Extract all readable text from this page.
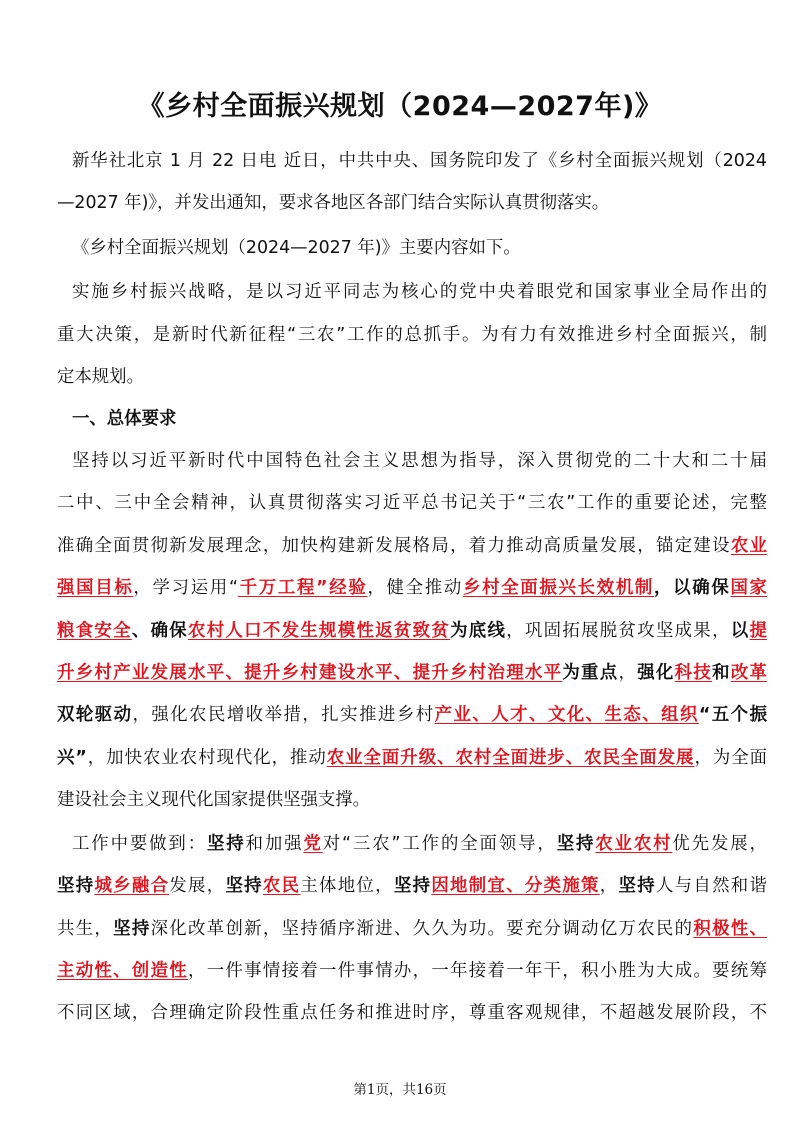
《乡村全面振兴规划（2024—2027年)》

新华社北京 1 月 22 日电 近日，中共中央、国务院印发了《乡村全面振兴规划（2024

—2027 年)》，并发出通知，要求各地区各部门结合实际认真贯彻落实。

《乡村全面振兴规划（2024—2027 年)》主要内容如下。

实施乡村振兴战略，是以习近平同志为核心的党中央着眼党和国家事业全局作出的

重大决策，是新时代新征程“三农”工作的总抓手。为有力有效推进乡村全面振兴，制

定本规划。

一、总体要求

坚持以习近平新时代中国特色社会主义思想为指导，深入贯彻党的二十大和二十届

二中、三中全会精神，认真贯彻落实习近平总书记关于“三农”工作的重要论述，完整

准确全面贯彻新发展理念，加快构建新发展格局，着力推动高质量发展，锚定建设农业

强国目标，学习运用“千万工程”经验，健全推动乡村全面振兴长效机制，以确保国家

粮食安全、确保农村人口不发生规模性返贫致贫为底线，巩固拓展脱贫攻坚成果，以提

升乡村产业发展水平、提升乡村建设水平、提升乡村治理水平为重点，强化科技和改革

双轮驱动，强化农民增收举措，扎实推进乡村产业、人才、文化、生态、组织“五个振

兴”，加快农业农村现代化，推动农业全面升级、农村全面进步、农民全面发展，为全面

建设社会主义现代化国家提供坚强支撑。

工作中要做到：坚持和加强党对“三农”工作的全面领导，坚持农业农村优先发展，

坚持城乡融合发展，坚持农民主体地位，坚持因地制宜、分类施策，坚持人与自然和谐

共生，坚持深化改革创新，坚持循序渐进、久久为功。要充分调动亿万农民的积极性、

主动性、创造性，一件事情接着一件事情办，一年接着一年干，积小胜为大成。要统筹

不同区域，合理确定阶段性重点任务和推进时序，尊重客观规律，不超越发展阶段，不

第1页，共16页
